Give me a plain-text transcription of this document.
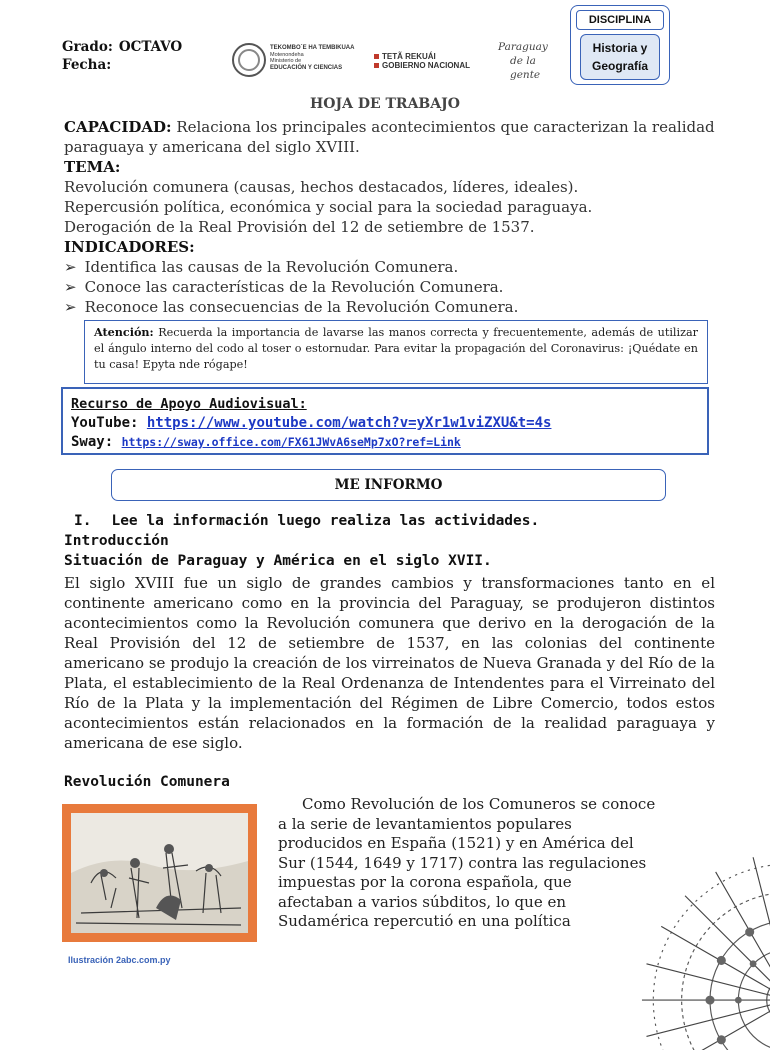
Grado: OCTAVO
Fecha:
TEKOMBO´E HA TEMBIKUAA
Motenondeha
Ministerio de
EDUCACIÓN Y CIENCIAS
TETÃ REKUÁI
GOBIERNO NACIONAL
Paraguay
de la gente
DISCIPLINA
Historia y
Geografía
HOJA DE TRABAJO
CAPACIDAD: Relaciona los principales acontecimientos que caracterizan la realidad paraguaya y americana del siglo XVIII.
TEMA:
Revolución comunera (causas, hechos destacados, líderes, ideales).
Repercusión política, económica y social para la sociedad paraguaya.
Derogación de la Real Provisión del 12 de setiembre de 1537.
INDICADORES:
➢ Identifica las causas de la Revolución Comunera.
➢ Conoce las características de la Revolución Comunera.
➢ Reconoce las consecuencias de la Revolución Comunera.
Atención: Recuerda la importancia de lavarse las manos correcta y frecuentemente, además de utilizar el ángulo interno del codo al toser o estornudar. Para evitar la propagación del Coronavirus: ¡Quédate en tu casa! Epyta nde rógape!
Recurso de Apoyo Audiovisual:
YouTube: https://www.youtube.com/watch?v=yXr1w1viZXU&t=4s
Sway: https://sway.office.com/FX61JWvA6seMp7xO?ref=Link
ME INFORMO
I. Lee la información luego realiza las actividades.
Introducción
Situación de Paraguay y América en el siglo XVII.
El siglo XVIII fue un siglo de grandes cambios y transformaciones tanto en el continente americano como en la provincia del Paraguay, se produjeron distintos acontecimientos como la Revolución comunera que derivo en la derogación de la Real Provisión del 12 de setiembre de 1537, en las colonias del continente americano se produjo la creación de los virreinatos de Nueva Granada y del Río de la Plata, el establecimiento de la Real Ordenanza de Intendentes para el Virreinato del Río de la Plata y la implementación del Régimen de Libre Comercio, todos estos acontecimientos están relacionados en la formación de la realidad paraguaya y americana de ese siglo.
Revolución Comunera
Ilustración 2abc.com.py
Como Revolución de los Comuneros se conoce
a la serie de levantamientos populares
producidos en España (1521) y en América del
Sur (1544, 1649 y 1717) contra las regulaciones
impuestas por la corona española, que
afectaban a varios súbditos, lo que en
Sudamérica repercutió en una política
